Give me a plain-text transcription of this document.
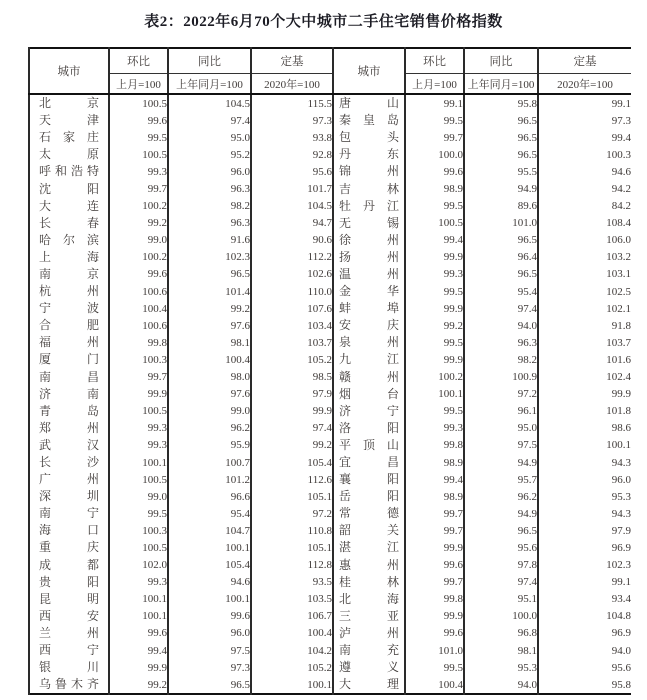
表2：2022年6月70个大中城市二手住宅销售价格指数
城市	环比	同比	定基	城市	环比	同比	定基
	上月=100	上年同月=100	2020年=100		上月=100	上年同月=100	2020年=100
北京	100.5	104.5	115.5	唐山	99.1	95.8	99.1
天津	99.6	97.4	97.3	秦皇岛	99.5	96.5	97.3
石家庄	99.5	95.0	93.8	包头	99.7	96.5	99.4
太原	100.5	95.2	92.8	丹东	100.0	96.5	100.3
呼和浩特	99.3	96.0	95.6	锦州	99.6	95.5	94.6
沈阳	99.7	96.3	101.7	吉林	98.9	94.9	94.2
大连	100.2	98.2	104.5	牡丹江	99.5	89.6	84.2
长春	99.2	96.3	94.7	无锡	100.5	101.0	108.4
哈尔滨	99.0	91.6	90.6	徐州	99.4	96.5	106.0
上海	100.2	102.3	112.2	扬州	99.9	96.4	103.2
南京	99.6	96.5	102.6	温州	99.3	96.5	103.1
杭州	100.6	101.4	110.0	金华	99.5	95.4	102.5
宁波	100.4	99.2	107.6	蚌埠	99.9	97.4	102.1
合肥	100.6	97.6	103.4	安庆	99.2	94.0	91.8
福州	99.8	98.1	103.7	泉州	99.5	96.3	103.7
厦门	100.3	100.4	105.2	九江	99.9	98.2	101.6
南昌	99.7	98.0	98.5	赣州	100.2	100.9	102.4
济南	99.9	97.6	97.9	烟台	100.1	97.2	99.9
青岛	100.5	99.0	99.9	济宁	99.5	96.1	101.8
郑州	99.3	96.2	97.4	洛阳	99.3	95.0	98.6
武汉	99.3	95.9	99.2	平顶山	99.8	97.5	100.1
长沙	100.1	100.7	105.4	宜昌	98.9	94.9	94.3
广州	100.5	101.2	112.6	襄阳	99.4	95.7	96.0
深圳	99.0	96.6	105.1	岳阳	98.9	96.2	95.3
南宁	99.5	95.4	97.2	常德	99.7	94.9	94.3
海口	100.3	104.7	110.8	韶关	99.7	96.5	97.9
重庆	100.5	100.1	105.1	湛江	99.9	95.6	96.9
成都	102.0	105.4	112.8	惠州	99.6	97.8	102.3
贵阳	99.3	94.6	93.5	桂林	99.7	97.4	99.1
昆明	100.1	100.1	103.5	北海	99.8	95.1	93.4
西安	100.1	99.6	106.7	三亚	99.9	100.0	104.8
兰州	99.6	96.0	100.4	泸州	99.6	96.8	96.9
西宁	99.4	97.5	104.2	南充	101.0	98.1	94.0
银川	99.9	97.3	105.2	遵义	99.5	95.3	95.6
乌鲁木齐	99.2	96.5	100.1	大理	100.4	94.0	95.8
